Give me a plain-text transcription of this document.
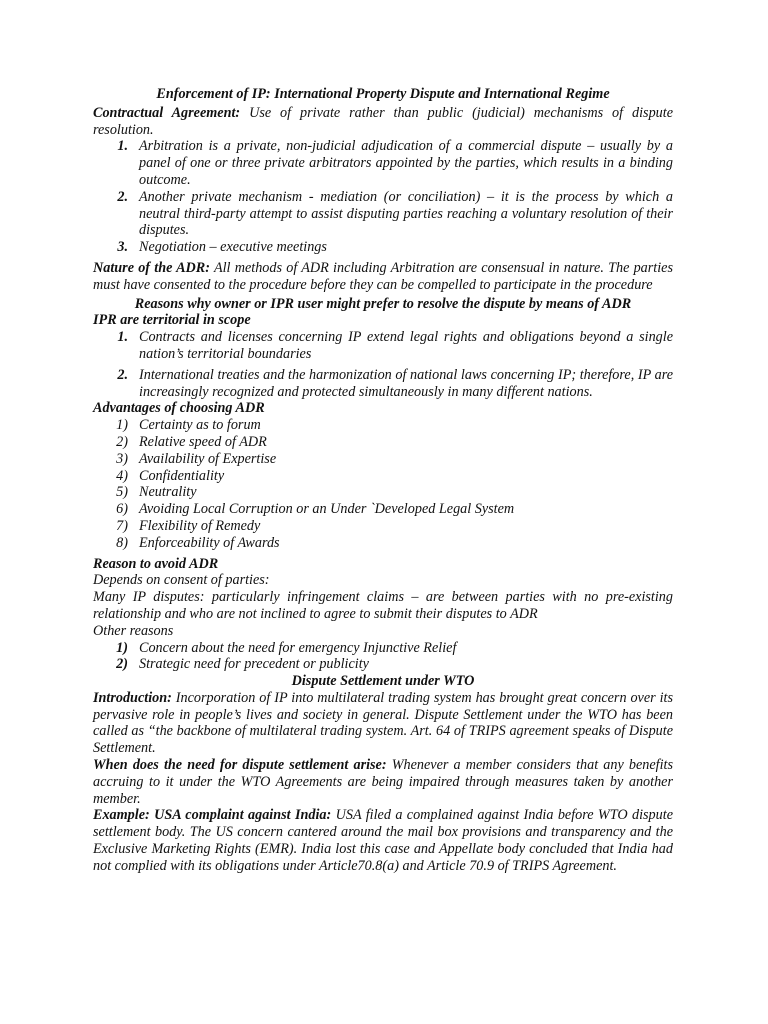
Enforcement of IP: International Property Dispute and International Regime

Contractual Agreement: Use of private rather than public (judicial) mechanisms of dispute resolution.

1. Arbitration is a private, non-judicial adjudication of a commercial dispute – usually by a panel of one or three private arbitrators appointed by the parties, which results in a binding outcome.
2. Another private mechanism - mediation (or conciliation) – it is the process by which a neutral third-party attempt to assist disputing parties reaching a voluntary resolution of their disputes.
3. Negotiation – executive meetings

Nature of the ADR: All methods of ADR including Arbitration are consensual in nature. The parties must have consented to the procedure before they can be compelled to participate in the procedure

Reasons why owner or IPR user might prefer to resolve the dispute by means of ADR

IPR are territorial in scope

1. Contracts and licenses concerning IP extend legal rights and obligations beyond a single nation’s territorial boundaries
2. International treaties and the harmonization of national laws concerning IP; therefore, IP are increasingly recognized and protected simultaneously in many different nations.

Advantages of choosing ADR

1) Certainty as to forum
2) Relative speed of ADR
3) Availability of Expertise
4) Confidentiality
5) Neutrality
6) Avoiding Local Corruption or an Under `Developed Legal System
7) Flexibility of Remedy
8) Enforceability of Awards

Reason to avoid ADR

Depends on consent of parties:

Many IP disputes: particularly infringement claims – are between parties with no pre-existing relationship and who are not inclined to agree to submit their disputes to ADR

Other reasons

1) Concern about the need for emergency Injunctive Relief
2) Strategic need for precedent or publicity

Dispute Settlement under WTO

Introduction: Incorporation of IP into multilateral trading system has brought great concern over its pervasive role in people’s lives and society in general. Dispute Settlement under the WTO has been called as “the backbone of multilateral trading system. Art. 64 of TRIPS agreement speaks of Dispute Settlement.

When does the need for dispute settlement arise: Whenever a member considers that any benefits accruing to it under the WTO Agreements are being impaired through measures taken by another member.

Example: USA complaint against India: USA filed a complained against India before WTO dispute settlement body. The US concern cantered around the mail box provisions and transparency and the Exclusive Marketing Rights (EMR). India lost this case and Appellate body concluded that India had not complied with its obligations under Article70.8(a) and Article 70.9 of TRIPS Agreement.
